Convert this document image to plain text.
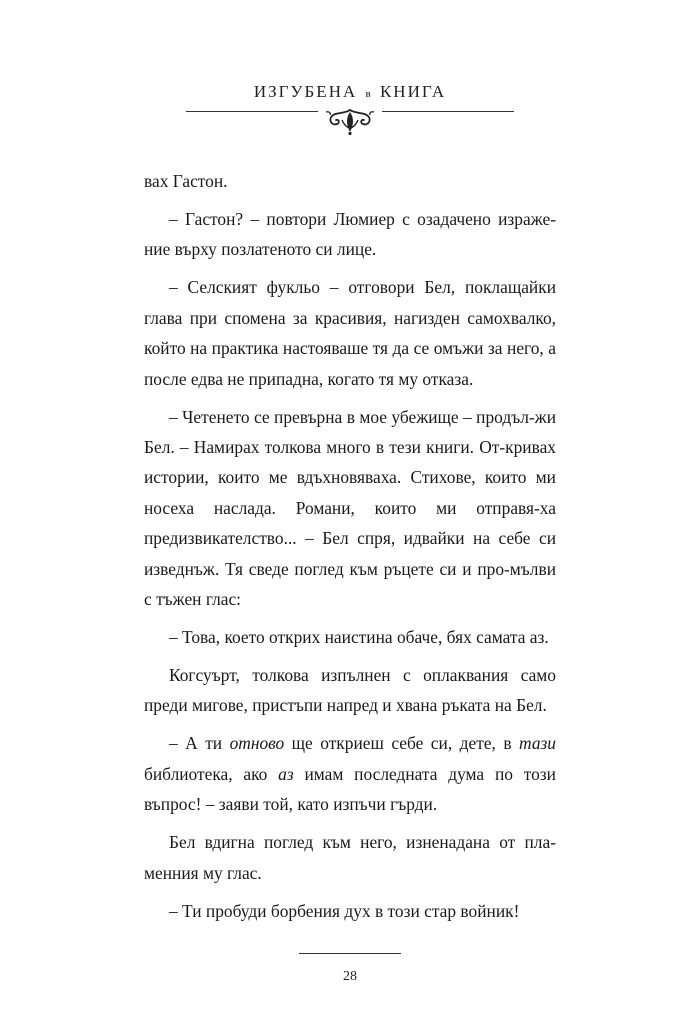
ИЗГУБЕНА в КНИГА

вах Гастон.

– Гастон? – повтори Люмиер с озадачено израже-ние върху позлатеното си лице.

– Селският фукльо – отговори Бел, поклащайки глава при спомена за красивия, нагизден самохвалко, който на практика настояваше тя да се омъжи за него, а после едва не припадна, когато тя му отказа.

– Четенето се превърна в мое убежище – продъл-жи Бел. – Намирах толкова много в тези книги. От-кривах истории, които ме вдъхновяваха. Стихове, които ми носеха наслада. Романи, които ми отправя-ха предизвикателство... – Бел спря, идвайки на себе си изведнъж. Тя сведе поглед към ръцете си и про-мълви с тъжен глас:

– Това, което открих наистина обаче, бях самата аз.

Когсуърт, толкова изпълнен с оплаквания само преди мигове, пристъпи напред и хвана ръката на Бел.

– А ти отново ще откриеш себе си, дете, в тази библиотека, ако аз имам последната дума по този въпрос! – заяви той, като изпъчи гърди.

Бел вдигна поглед към него, изненадана от пла-менния му глас.

– Ти пробуди борбения дух в този стар войник!

28
